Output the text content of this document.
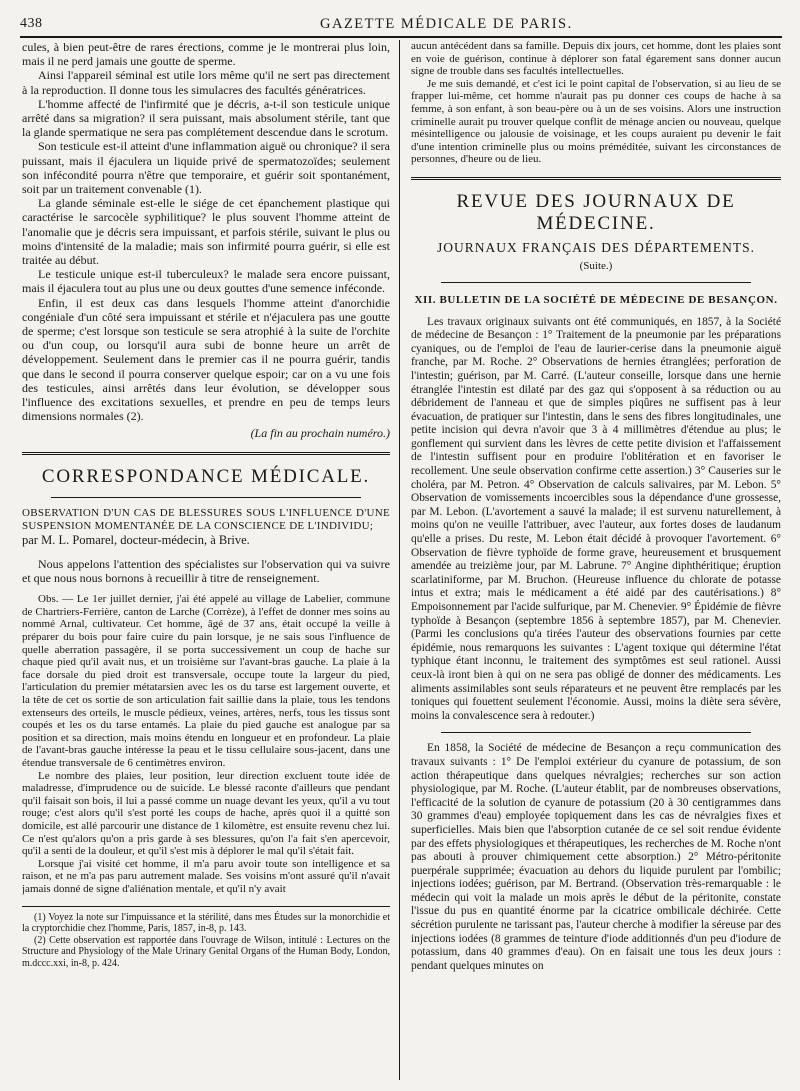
438	GAZETTE MÉDICALE DE PARIS.

cules, à bien peut-être de rares érections, comme je le montrerai plus loin, mais il ne perd jamais une goutte de sperme.

Ainsi l'appareil séminal est utile lors même qu'il ne sert pas directement à la reproduction. Il donne tous les simulacres des facultés génératrices.

L'homme affecté de l'infirmité que je décris, a-t-il son testicule unique arrêté dans sa migration? il sera puissant, mais absolument stérile, tant que la glande spermatique ne sera pas complétement descendue dans le scrotum.

Son testicule est-il atteint d'une inflammation aiguë ou chronique? il sera puissant, mais il éjaculera un liquide privé de spermatozoïdes; seulement son infécondité pourra n'être que temporaire, et guérir soit spontanément, soit par un traitement convenable (1).

La glande séminale est-elle le siége de cet épanchement plastique qui caractérise le sarcocèle syphilitique? le plus souvent l'homme atteint de l'anomalie que je décris sera impuissant, et parfois stérile, suivant le plus ou moins d'intensité de la maladie; mais son infirmité pourra guérir, si elle est traitée au début.

Le testicule unique est-il tuberculeux? le malade sera encore puissant, mais il éjaculera tout au plus une ou deux gouttes d'une semence inféconde.

Enfin, il est deux cas dans lesquels l'homme atteint d'anorchidie congéniale d'un côté sera impuissant et stérile et n'éjaculera pas une goutte de sperme; c'est lorsque son testicule se sera atrophié à la suite de l'orchite ou d'un coup, ou lorsqu'il aura subi de bonne heure un arrêt de développement. Seulement dans le premier cas il ne pourra guérir, tandis que dans le second il pourra conserver quelque espoir; car on a vu une fois des testicules, ainsi arrêtés dans leur évolution, se développer sous l'influence des excitations sexuelles, et prendre en peu de temps leurs dimensions normales (2).

(La fin au prochain numéro.)

CORRESPONDANCE MÉDICALE.

OBSERVATION D'UN CAS DE BLESSURES SOUS L'INFLUENCE D'UNE SUSPENSION MOMENTANÉE DE LA CONSCIENCE DE L'INDIVIDU;

par M. L. Pomarel, docteur-médecin, à Brive.

Nous appelons l'attention des spécialistes sur l'observation qui va suivre et que nous nous bornons à recueillir à titre de renseignement.

Obs. — Le 1er juillet dernier, j'ai été appelé au village de Labelier, commune de Chartriers-Ferrière, canton de Larche (Corrèze), à l'effet de donner mes soins au nommé Arnal, cultivateur. Cet homme, âgé de 37 ans, était occupé la veille à préparer du bois pour faire cuire du pain lorsque, je ne sais sous l'influence de quelle aberration passagère, il se porta successivement un coup de hache sur chaque pied qu'il avait nus, et un troisième sur l'avant-bras gauche. La plaie à la face dorsale du pied droit est transversale, occupe toute la largeur du pied, l'articulation du premier métatarsien avec les os du tarse est largement ouverte, et la tête de cet os sortie de son articulation fait saillie dans la plaie, tous les tendons extenseurs des orteils, le muscle pédieux, veines, artères, nerfs, tous les tissus sont coupés et les os du tarse entamés. La plaie du pied gauche est analogue par sa position et sa direction, mais moins étendu en longueur et en profondeur. La plaie de l'avant-bras gauche intéresse la peau et le tissu cellulaire sous-jacent, dans une étendue transversale de 6 centimètres environ.

Le nombre des plaies, leur position, leur direction excluent toute idée de maladresse, d'imprudence ou de suicide. Le blessé raconte d'ailleurs que pendant qu'il faisait son bois, il lui a passé comme un nuage devant les yeux, qu'il a vu tout rouge; c'est alors qu'il s'est porté les coups de hache, après quoi il a quitté son domicile, est allé parcourir une distance de 1 kilomètre, est ensuite revenu chez lui. Ce n'est qu'alors qu'on a pris garde à ses blessures, qu'on l'a fait s'en apercevoir, qu'il a senti de la douleur, et qu'il s'est mis à déplorer le mal qu'il s'était fait.

Lorsque j'ai visité cet homme, il m'a paru avoir toute son intelligence et sa raison, et ne m'a pas paru autrement malade. Ses voisins m'ont assuré qu'il n'avait jamais donné de signe d'aliénation mentale, et qu'il n'y avait

(1) Voyez la note sur l'impuissance et la stérilité, dans mes Études sur la monorchidie et la cryptorchidie chez l'homme, Paris, 1857, in-8, p. 143.

(2) Cette observation est rapportée dans l'ouvrage de Wilson, intitulé : Lectures on the Structure and Physiology of the Male Urinary Genital Organs of the Human Body, London, m.dccc.xxi, in-8, p. 424.

aucun antécédent dans sa famille. Depuis dix jours, cet homme, dont les plaies sont en voie de guérison, continue à déplorer son fatal égarement sans donner aucun signe de trouble dans ses facultés intellectuelles.

Je me suis demandé, et c'est ici le point capital de l'observation, si au lieu de se frapper lui-même, cet homme n'aurait pas pu donner ces coups de hache à sa femme, à son enfant, à son beau-père ou à un de ses voisins. Alors une instruction criminelle aurait pu trouver quelque conflit de ménage ancien ou nouveau, quelque mésintelligence ou jalousie de voisinage, et les coups auraient pu devenir le fait d'une intention criminelle plus ou moins préméditée, suivant les circonstances de personnes, d'heure ou de lieu.

REVUE DES JOURNAUX DE MÉDECINE.
JOURNAUX FRANÇAIS DES DÉPARTEMENTS.
(Suite.)
XII. BULLETIN DE LA SOCIÉTÉ DE MÉDECINE DE BESANÇON.

Les travaux originaux suivants ont été communiqués, en 1857, à la Société de médecine de Besançon : 1° Traitement de la pneumonie par les préparations cyaniques, ou de l'emploi de l'eau de laurier-cerise dans la pneumonie aiguë franche, par M. Roche. 2° Observations de hernies étranglées; perforation de l'intestin; guérison, par M. Carré. (L'auteur conseille, lorsque dans une hernie étranglée l'intestin est dilaté par des gaz qui s'opposent à sa réduction ou au débridement de l'anneau et que de simples piqûres ne suffisent pas à leur évacuation, de pratiquer sur l'intestin, dans le sens des fibres longitudinales, une petite incision qui devra n'avoir que 3 à 4 millimètres d'étendue au plus; le gonflement qui survient dans les lèvres de cette petite division et l'affaissement de l'intestin suffisent pour en produire l'oblitération et en favoriser le recollement. Une seule observation confirme cette assertion.) 3° Causeries sur le choléra, par M. Petron. 4° Observation de calculs salivaires, par M. Lebon. 5° Observation de vomissements incoercibles sous la dépendance d'une grossesse, par M. Lebon. (L'avortement a sauvé la malade; il est survenu naturellement, à moins qu'on ne veuille l'attribuer, avec l'auteur, aux fortes doses de laudanum qu'elle a prises. Du reste, M. Lebon était décidé à provoquer l'avortement. 6° Observation de fièvre typhoïde de forme grave, heureusement et brusquement amendée au treizième jour, par M. Labrune. 7° Angine diphthéritique; éruption scarlatiniforme, par M. Bruchon. (Heureuse influence du chlorate de potasse intus et extra; mais le médicament a été aidé par des cautérisations.) 8° Empoisonnement par l'acide sulfurique, par M. Chenevier. 9° Épidémie de fièvre typhoïde à Besançon (septembre 1856 à septembre 1857), par M. Chenevier. (Parmi les conclusions qu'a tirées l'auteur des observations fournies par cette épidémie, nous remarquons les suivantes : L'agent toxique qui détermine l'état typhique étant inconnu, le traitement des symptômes est seul rationel. Aussi ceux-là iront bien à qui on ne sera pas obligé de donner des médicaments. Les aliments assimilables sont seuls réparateurs et ne peuvent être remplacés par les toniques qui fouettent seulement l'économie. Aussi, moins la diète sera sévère, moins la convalescence sera à redouter.)

En 1858, la Société de médecine de Besançon a reçu communication des travaux suivants : 1° De l'emploi extérieur du cyanure de potassium, de son action thérapeutique dans quelques névralgies; recherches sur son action physiologique, par M. Roche. (L'auteur établit, par de nombreuses observations, l'efficacité de la solution de cyanure de potassium (20 à 30 centigrammes dans 30 grammes d'eau) employée topiquement dans les cas de névralgies fixes et superficielles. Mais bien que l'absorption cutanée de ce sel soit rendue évidente par des effets physiologiques et thérapeutiques, les recherches de M. Roche n'ont pas abouti à prouver chimiquement cette absorption.) 2° Métro-péritonite puerpérale supprimée; évacuation au dehors du liquide purulent par l'ombilic; injections iodées; guérison, par M. Bertrand. (Observation très-remarquable : le médecin qui voit la malade un mois après le début de la péritonite, constate l'issue du pus en quantité énorme par la cicatrice ombilicale déchirée. Cette sécrétion purulente ne tarissant pas, l'auteur cherche à modifier la séreuse par des injections iodées (8 grammes de teinture d'iode additionnés d'un peu d'iodure de potassium, dans 40 grammes d'eau). On en faisait une tous les deux jours : pendant quelques minutes on
